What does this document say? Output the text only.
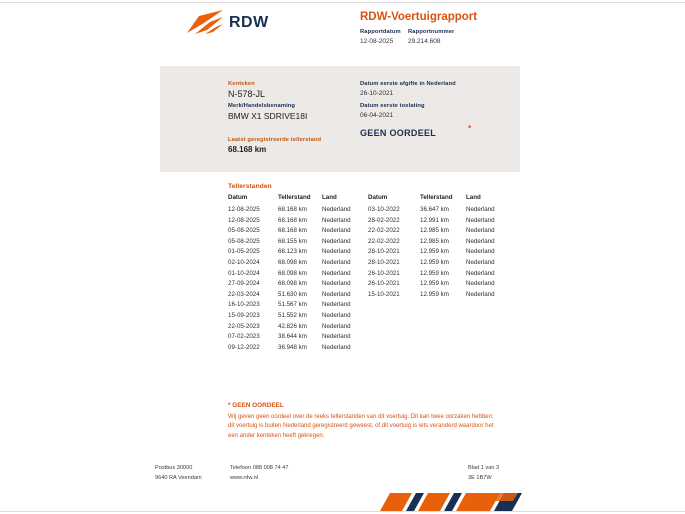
RDW	RDW-Voertuigrapport
Rapportdatum
12-08-2025
Rapportnummer
29.214.608
Kenteken
N-578-JL
Merk/Handelsbenaming
BMW X1 SDRIVE18I
Laatst geregistreerde tellerstand
68.168 km
Datum eerste afgifte in Nederland
26-10-2021
Datum eerste toelating
06-04-2021
GEEN OORDEEL	*
Tellerstanden
Datum	Tellerstand	Land
12-08-2025	68.168 km	Nederland
12-08-2025	68.168 km	Nederland
05-08-2025	68.168 km	Nederland
05-08-2025	68.155 km	Nederland
01-05-2025	68.123 km	Nederland
02-10-2024	68.098 km	Nederland
01-10-2024	68.098 km	Nederland
27-09-2024	68.098 km	Nederland
22-03-2024	51.630 km	Nederland
16-10-2023	51.567 km	Nederland
15-09-2023	51.552 km	Nederland
22-05-2023	42.826 km	Nederland
07-02-2023	38.644 km	Nederland
09-12-2022	36.948 km	Nederland
Datum	Tellerstand	Land
03-10-2022	36.647 km	Nederland
28-02-2022	12.991 km	Nederland
22-02-2022	12.985 km	Nederland
22-02-2022	12.985 km	Nederland
28-10-2021	12.959 km	Nederland
28-10-2021	12.959 km	Nederland
26-10-2021	12.959 km	Nederland
26-10-2021	12.959 km	Nederland
15-10-2021	12.959 km	Nederland
* GEEN OORDEEL

Wij geven geen oordeel over de reeks tellerstanden van dit voertuig. Dit kan twee oorzaken hebben: dit voertuig is buiten Nederland geregistreerd geweest, of dit voertuig is iets veranderd waardoor het een ander kenteken heeft gekregen.

Postbus 30000
9640 RA Veendam
Telefoon 088 008 74 47
www.rdw.nl
Blad 1 van 3
3E 1B7W
